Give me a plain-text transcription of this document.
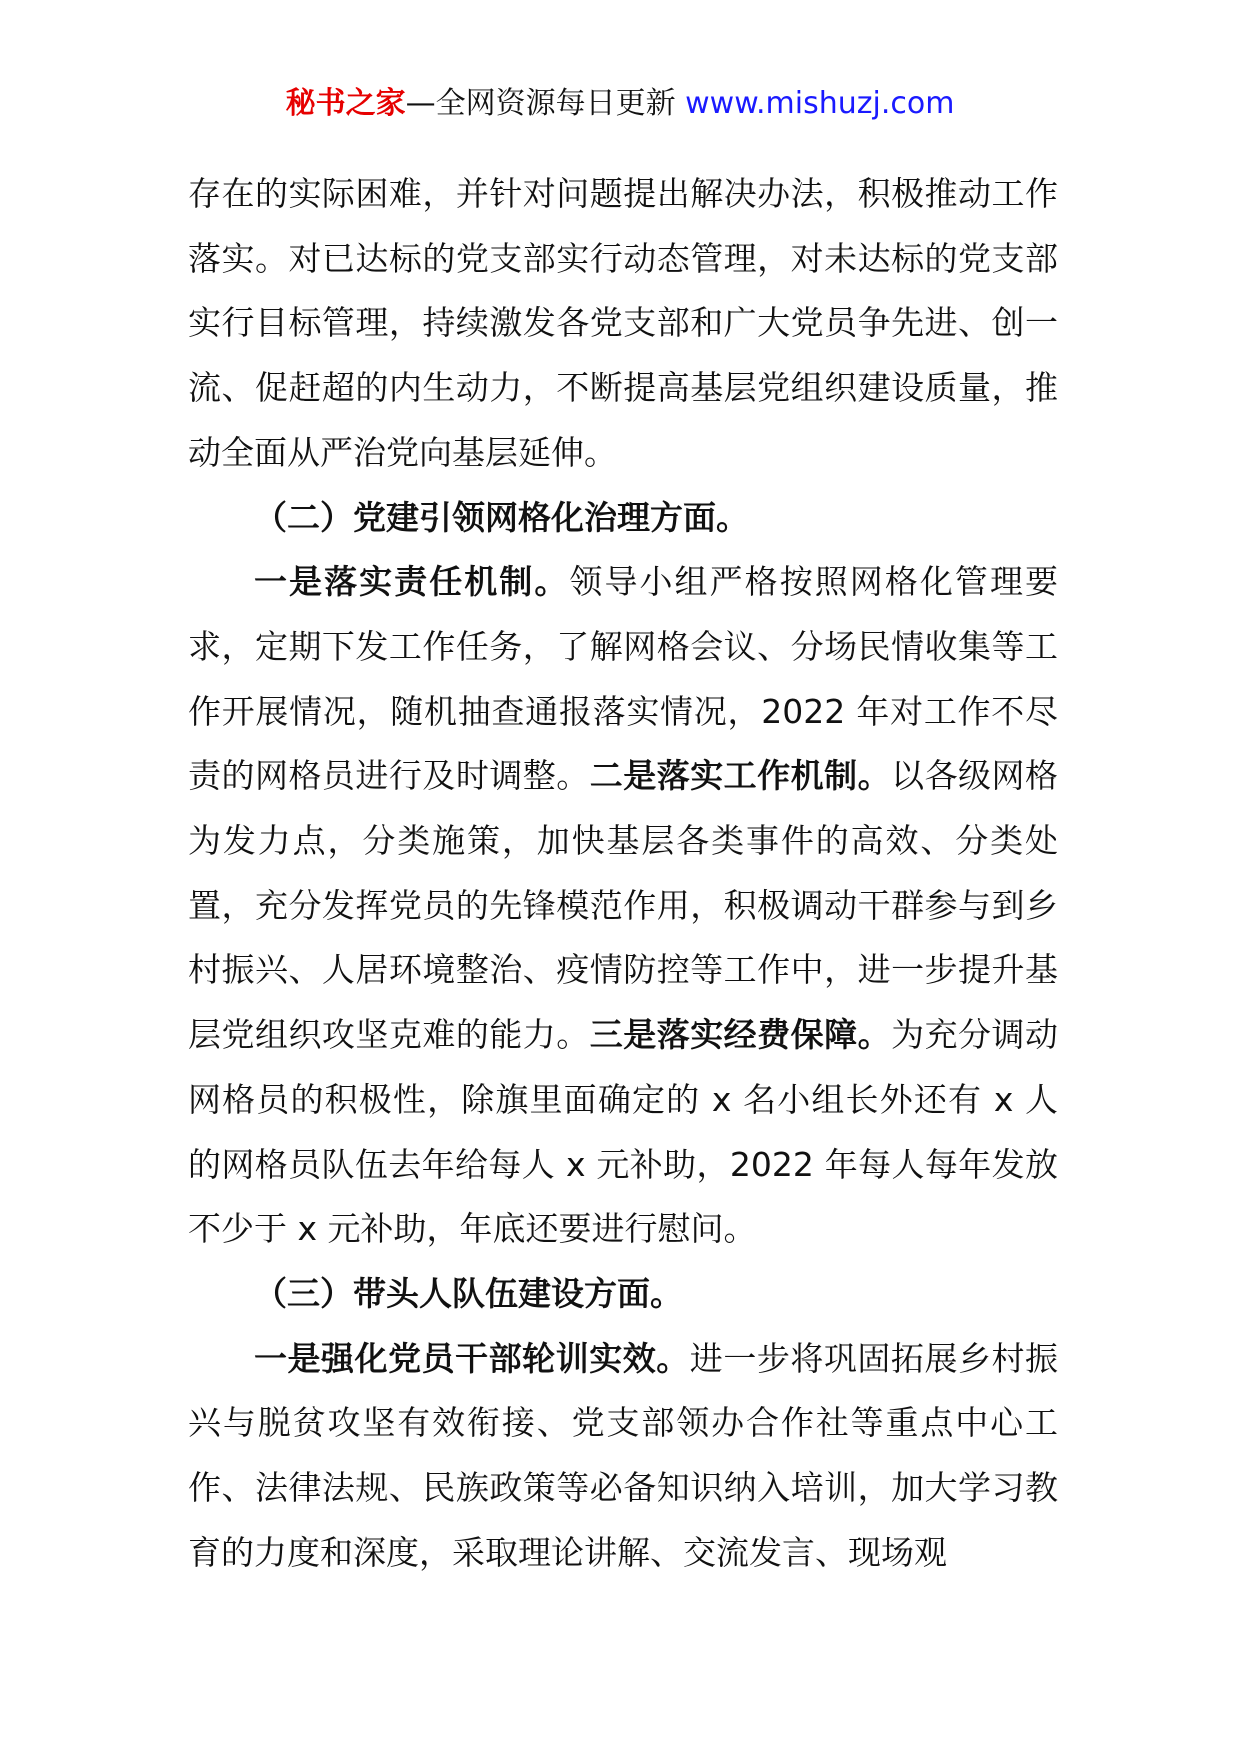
秘书之家—全网资源每日更新 www.mishuzj.com

存在的实际困难，并针对问题提出解决办法，积极推动工作落实。对已达标的党支部实行动态管理，对未达标的党支部实行目标管理，持续激发各党支部和广大党员争先进、创一流、促赶超的内生动力，不断提高基层党组织建设质量，推动全面从严治党向基层延伸。

（二）党建引领网格化治理方面。

一是落实责任机制。领导小组严格按照网格化管理要求，定期下发工作任务，了解网格会议、分场民情收集等工作开展情况，随机抽查通报落实情况，2022 年对工作不尽责的网格员进行及时调整。二是落实工作机制。以各级网格为发力点，分类施策，加快基层各类事件的高效、分类处置，充分发挥党员的先锋模范作用，积极调动干群参与到乡村振兴、人居环境整治、疫情防控等工作中，进一步提升基层党组织攻坚克难的能力。三是落实经费保障。为充分调动网格员的积极性，除旗里面确定的 x 名小组长外还有 x 人的网格员队伍去年给每人 x 元补助，2022 年每人每年发放不少于 x 元补助，年底还要进行慰问。

（三）带头人队伍建设方面。

一是强化党员干部轮训实效。进一步将巩固拓展乡村振兴与脱贫攻坚有效衔接、党支部领办合作社等重点中心工作、法律法规、民族政策等必备知识纳入培训，加大学习教育的力度和深度，采取理论讲解、交流发言、现场观
